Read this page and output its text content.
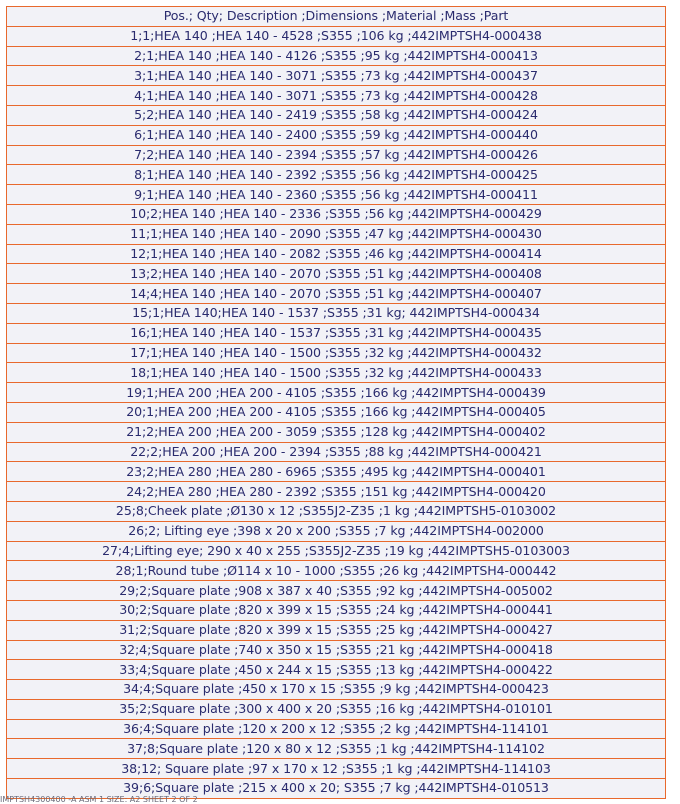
Pos.; Qty; Description ;Dimensions ;Material ;Mass ;Part
1;1;HEA 140 ;HEA 140 - 4528 ;S355 ;106 kg ;442IMPTSH4-000438
2;1;HEA 140 ;HEA 140 - 4126 ;S355 ;95 kg ;442IMPTSH4-000413
3;1;HEA 140 ;HEA 140 - 3071 ;S355 ;73 kg ;442IMPTSH4-000437
4;1;HEA 140 ;HEA 140 - 3071 ;S355 ;73 kg ;442IMPTSH4-000428
5;2;HEA 140 ;HEA 140 - 2419 ;S355 ;58 kg ;442IMPTSH4-000424
6;1;HEA 140 ;HEA 140 - 2400 ;S355 ;59 kg ;442IMPTSH4-000440
7;2;HEA 140 ;HEA 140 - 2394 ;S355 ;57 kg ;442IMPTSH4-000426
8;1;HEA 140 ;HEA 140 - 2392 ;S355 ;56 kg ;442IMPTSH4-000425
9;1;HEA 140 ;HEA 140 - 2360 ;S355 ;56 kg ;442IMPTSH4-000411
10;2;HEA 140 ;HEA 140 - 2336 ;S355 ;56 kg ;442IMPTSH4-000429
11;1;HEA 140 ;HEA 140 - 2090 ;S355 ;47 kg ;442IMPTSH4-000430
12;1;HEA 140 ;HEA 140 - 2082 ;S355 ;46 kg ;442IMPTSH4-000414
13;2;HEA 140 ;HEA 140 - 2070 ;S355 ;51 kg ;442IMPTSH4-000408
14;4;HEA 140 ;HEA 140 - 2070 ;S355 ;51 kg ;442IMPTSH4-000407
15;1;HEA 140;HEA 140 - 1537 ;S355 ;31 kg; 442IMPTSH4-000434
16;1;HEA 140 ;HEA 140 - 1537 ;S355 ;31 kg ;442IMPTSH4-000435
17;1;HEA 140 ;HEA 140 - 1500 ;S355 ;32 kg ;442IMPTSH4-000432
18;1;HEA 140 ;HEA 140 - 1500 ;S355 ;32 kg ;442IMPTSH4-000433
19;1;HEA 200 ;HEA 200 - 4105 ;S355 ;166 kg ;442IMPTSH4-000439
20;1;HEA 200 ;HEA 200 - 4105 ;S355 ;166 kg ;442IMPTSH4-000405
21;2;HEA 200 ;HEA 200 - 3059 ;S355 ;128 kg ;442IMPTSH4-000402
22;2;HEA 200 ;HEA 200 - 2394 ;S355 ;88 kg ;442IMPTSH4-000421
23;2;HEA 280 ;HEA 280 - 6965 ;S355 ;495 kg ;442IMPTSH4-000401
24;2;HEA 280 ;HEA 280 - 2392 ;S355 ;151 kg ;442IMPTSH4-000420
25;8;Cheek plate ;Ø130 x 12 ;S355J2-Z35 ;1 kg ;442IMPTSH5-0103002
26;2; Lifting eye ;398 x 20 x 200 ;S355 ;7 kg ;442IMPTSH4-002000
27;4;Lifting eye; 290 x 40 x 255 ;S355J2-Z35 ;19 kg ;442IMPTSH5-0103003
28;1;Round tube ;Ø114 x 10 - 1000 ;S355 ;26 kg ;442IMPTSH4-000442
29;2;Square plate ;908 x 387 x 40 ;S355 ;92 kg ;442IMPTSH4-005002
30;2;Square plate ;820 x 399 x 15 ;S355 ;24 kg ;442IMPTSH4-000441
31;2;Square plate ;820 x 399 x 15 ;S355 ;25 kg ;442IMPTSH4-000427
32;4;Square plate ;740 x 350 x 15 ;S355 ;21 kg ;442IMPTSH4-000418
33;4;Square plate ;450 x 244 x 15 ;S355 ;13 kg ;442IMPTSH4-000422
34;4;Square plate ;450 x 170 x 15 ;S355 ;9 kg ;442IMPTSH4-000423
35;2;Square plate ;300 x 400 x 20 ;S355 ;16 kg ;442IMPTSH4-010101
36;4;Square plate ;120 x 200 x 12 ;S355 ;2 kg ;442IMPTSH4-114101
37;8;Square plate ;120 x 80 x 12 ;S355 ;1 kg ;442IMPTSH4-114102
38;12; Square plate ;97 x 170 x 12 ;S355 ;1 kg ;442IMPTSH4-114103
39;6;Square plate ;215 x 400 x 20; S355 ;7 kg ;442IMPTSH4-010513
IMPTSH4300400 -A ASM 1 SIZE: A2 SHEET 2 OF 2
